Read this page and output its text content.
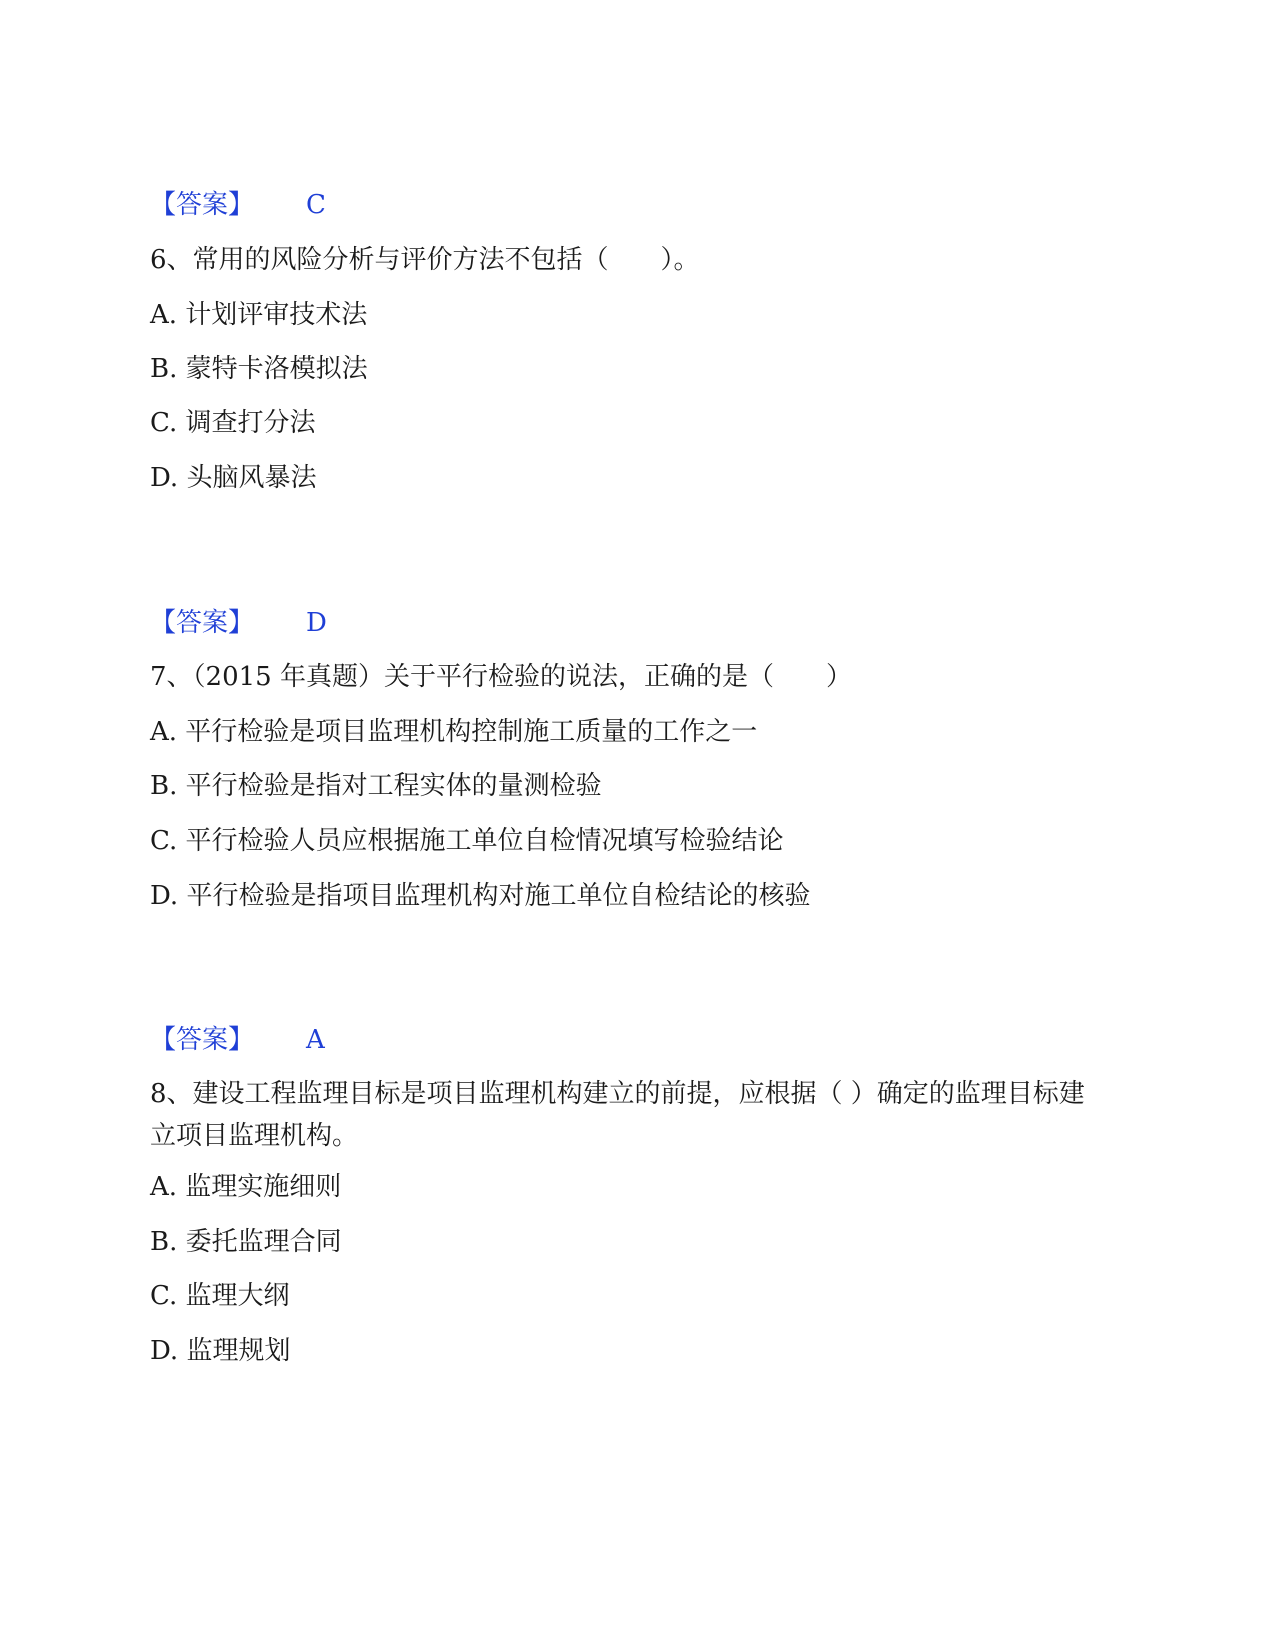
【答案】 C
6、常用的风险分析与评价方法不包括（　　）。
A. 计划评审技术法
B. 蒙特卡洛模拟法
C. 调查打分法
D. 头脑风暴法
【答案】 D
7、（2015 年真题）关于平行检验的说法，正确的是（　　）
A. 平行检验是项目监理机构控制施工质量的工作之一
B. 平行检验是指对工程实体的量测检验
C. 平行检验人员应根据施工单位自检情况填写检验结论
D. 平行检验是指项目监理机构对施工单位自检结论的核验
【答案】 A
8、建设工程监理目标是项目监理机构建立的前提，应根据（ ）确定的监理目标建立项目监理机构。
A. 监理实施细则
B. 委托监理合同
C. 监理大纲
D. 监理规划
